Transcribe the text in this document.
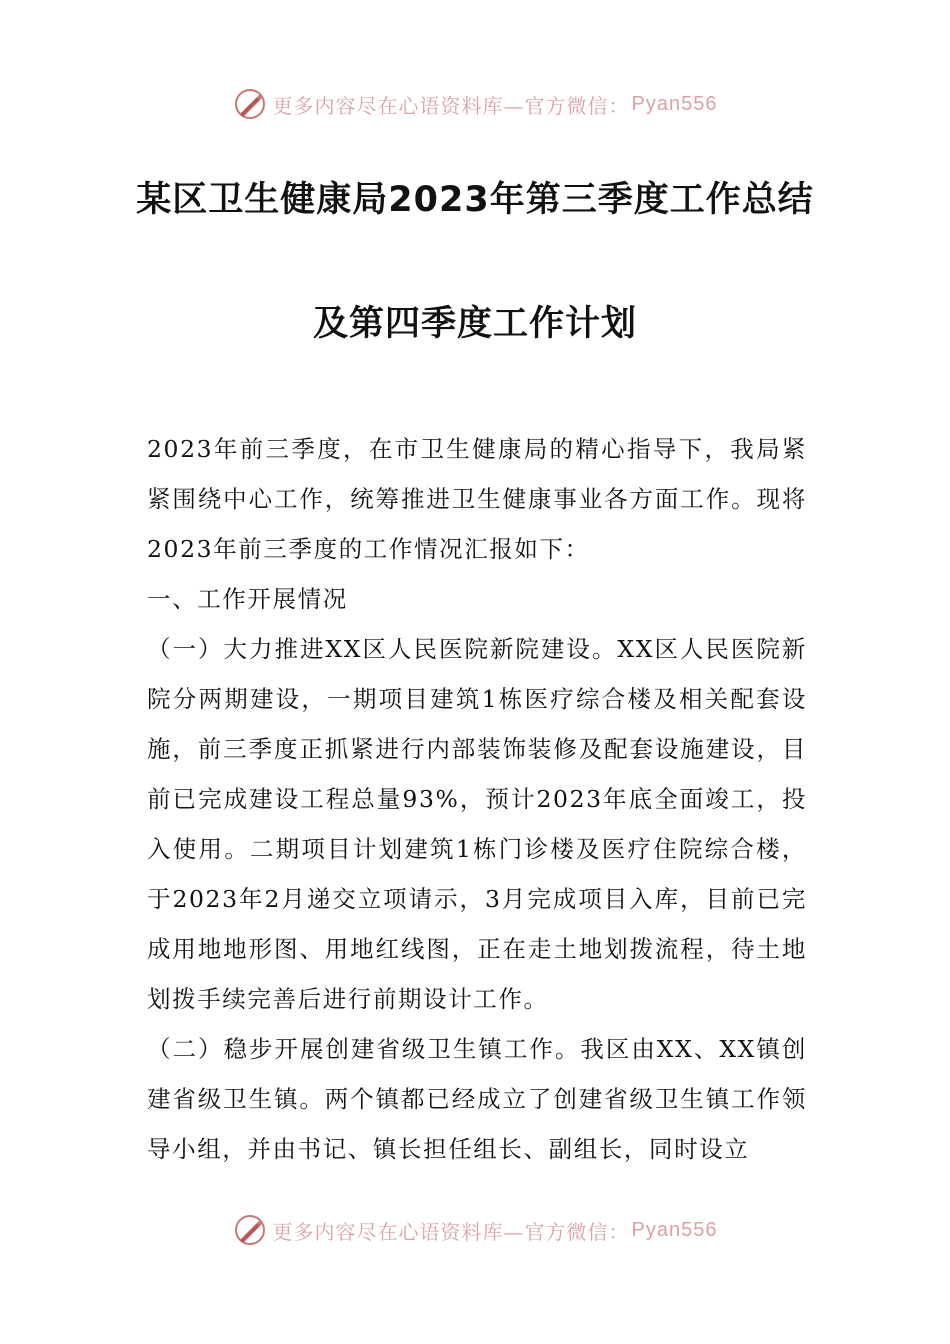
更多内容尽在心语资料库—官方微信： Pyan556
某区卫生健康局2023年第三季度工作总结
及第四季度工作计划

2023年前三季度，在市卫生健康局的精心指导下，我局紧紧围绕中心工作，统筹推进卫生健康事业各方面工作。现将2023年前三季度的工作情况汇报如下：

一、工作开展情况

（一）大力推进XX区人民医院新院建设。XX区人民医院新院分两期建设，一期项目建筑1栋医疗综合楼及相关配套设施，前三季度正抓紧进行内部装饰装修及配套设施建设，目前已完成建设工程总量93%，预计2023年底全面竣工，投入使用。二期项目计划建筑1栋门诊楼及医疗住院综合楼，于2023年2月递交立项请示，3月完成项目入库，目前已完成用地地形图、用地红线图，正在走土地划拨流程，待土地划拨手续完善后进行前期设计工作。

（二）稳步开展创建省级卫生镇工作。我区由XX、XX镇创建省级卫生镇。两个镇都已经成立了创建省级卫生镇工作领导小组，并由书记、镇长担任组长、副组长，同时设立

更多内容尽在心语资料库—官方微信： Pyan556
